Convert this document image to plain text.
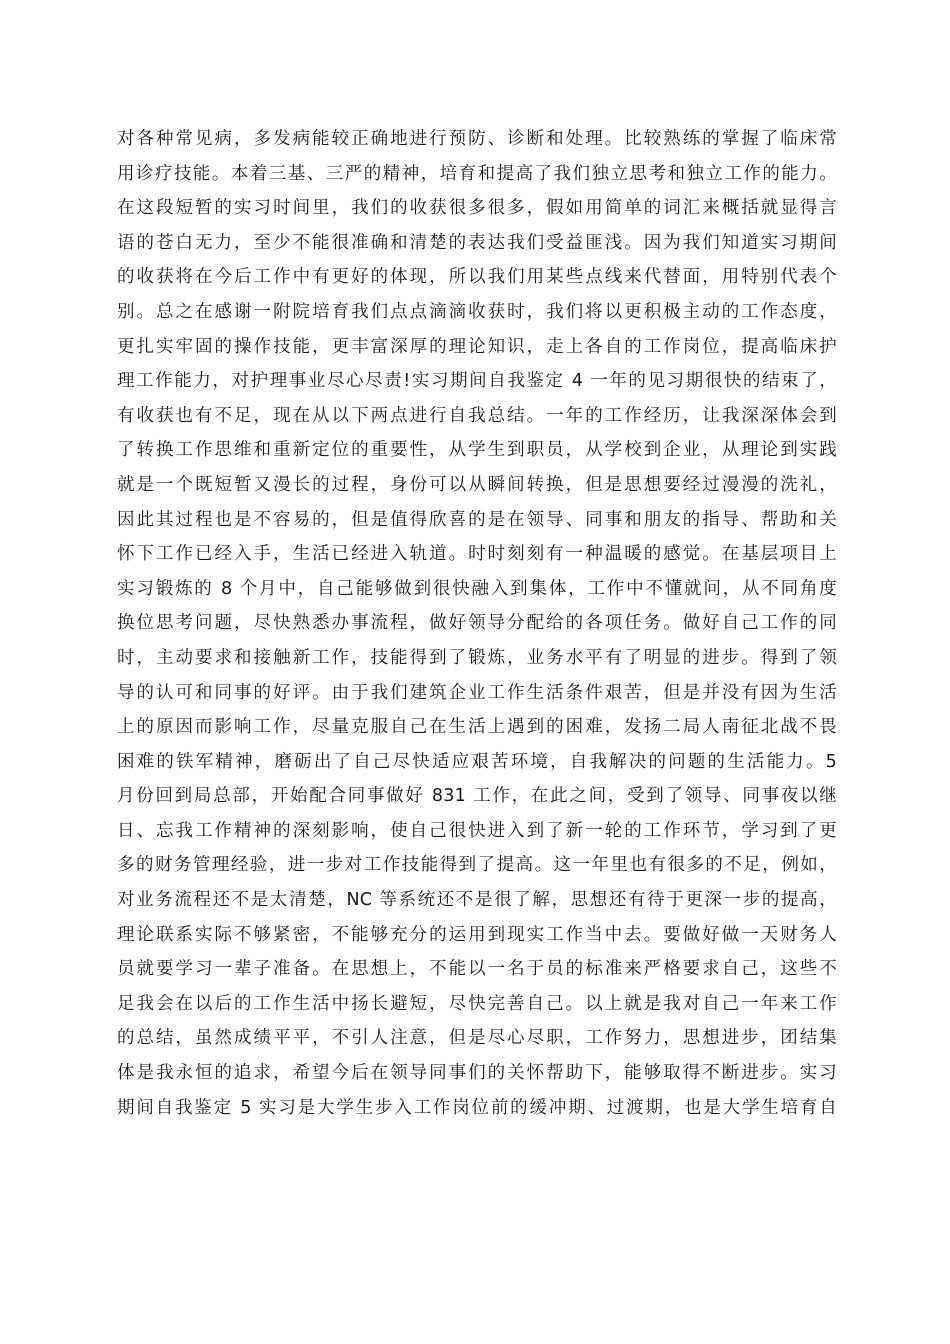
对各种常见病，多发病能较正确地进行预防、诊断和处理。比较熟练的掌握了临床常
用诊疗技能。本着三基、三严的精神，培育和提高了我们独立思考和独立工作的能力。
在这段短暂的实习时间里，我们的收获很多很多，假如用简单的词汇来概括就显得言
语的苍白无力，至少不能很准确和清楚的表达我们受益匪浅。因为我们知道实习期间
的收获将在今后工作中有更好的体现，所以我们用某些点线来代替面，用特别代表个
别。总之在感谢一附院培育我们点点滴滴收获时，我们将以更积极主动的工作态度，
更扎实牢固的操作技能，更丰富深厚的理论知识，走上各自的工作岗位，提高临床护
理工作能力，对护理事业尽心尽责!实习期间自我鉴定 4 一年的见习期很快的结束了，
有收获也有不足，现在从以下两点进行自我总结。一年的工作经历，让我深深体会到
了转换工作思维和重新定位的重要性，从学生到职员，从学校到企业，从理论到实践
就是一个既短暂又漫长的过程，身份可以从瞬间转换，但是思想要经过漫漫的洗礼，
因此其过程也是不容易的，但是值得欣喜的是在领导、同事和朋友的指导、帮助和关
怀下工作已经入手，生活已经进入轨道。时时刻刻有一种温暖的感觉。在基层项目上
实习锻炼的 8 个月中，自己能够做到很快融入到集体，工作中不懂就问，从不同角度
换位思考问题，尽快熟悉办事流程，做好领导分配给的各项任务。做好自己工作的同
时，主动要求和接触新工作，技能得到了锻炼，业务水平有了明显的进步。得到了领
导的认可和同事的好评。由于我们建筑企业工作生活条件艰苦，但是并没有因为生活
上的原因而影响工作，尽量克服自己在生活上遇到的困难，发扬二局人南征北战不畏
困难的铁军精神，磨砺出了自己尽快适应艰苦环境，自我解决的问题的生活能力。5
月份回到局总部，开始配合同事做好 831 工作，在此之间，受到了领导、同事夜以继
日、忘我工作精神的深刻影响，使自己很快进入到了新一轮的工作环节，学习到了更
多的财务管理经验，进一步对工作技能得到了提高。这一年里也有很多的不足，例如，
对业务流程还不是太清楚，NC 等系统还不是很了解，思想还有待于更深一步的提高，
理论联系实际不够紧密，不能够充分的运用到现实工作当中去。要做好做一天财务人
员就要学习一辈子准备。在思想上，不能以一名于员的标准来严格要求自己，这些不
足我会在以后的工作生活中扬长避短，尽快完善自己。以上就是我对自己一年来工作
的总结，虽然成绩平平，不引人注意，但是尽心尽职，工作努力，思想进步，团结集
体是我永恒的追求，希望今后在领导同事们的关怀帮助下，能够取得不断进步。实习
期间自我鉴定 5 实习是大学生步入工作岗位前的缓冲期、过渡期，也是大学生培育自
